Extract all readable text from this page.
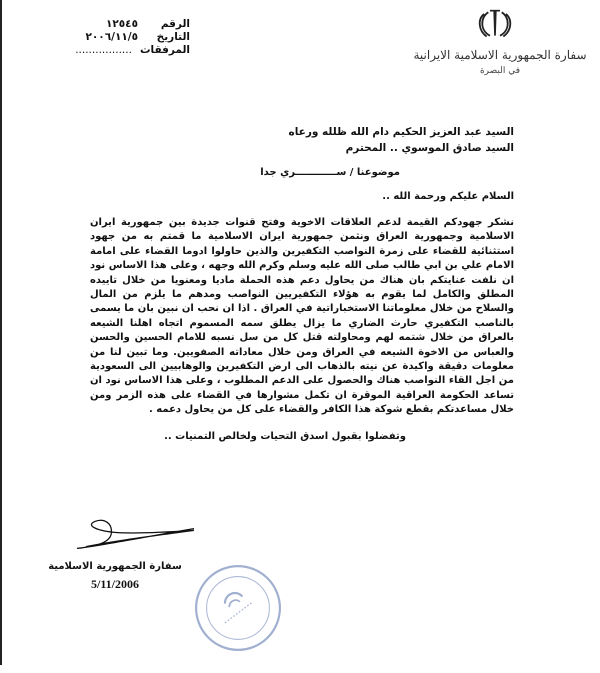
الرقم
١٢٥٤٥
التاريخ
٢٠٠٦/١١/٥
المرفقات
.................	سفارة الجمهورية الاسلامية الايرانية
في البصرة
السيد عبد العزيز الحكيم دام الله ظلله ورعاه
السيد صادق الموسوي .. المحترم
موضوعنا / ســــــــــــري جدا
السلام عليكم ورحمة الله ..
نشكر جهودكم القيمة لدعم العلاقات الاخوية وفتح قنوات جديدة بين جمهورية ايران الاسلامية وجمهورية العراق ونثمن جمهورية ايران الاسلامية ما قمتم به من جهود استثنائية للقضاء على زمرة النواصب التكفيرين والذين حاولوا ادوما القضاء على امامة الامام علي بن ابي طالب صلى الله عليه وسلم وكرم الله وجهه ، وعلى هذا الاساس نود ان نلفت عنايتكم بان هناك من يحاول دعم هذه الحملة ماديا ومعنويا من خلال تاييده المطلق والكامل لما يقوم به هؤلاء التكفيريين النواصب ومدهم ما يلزم من المال والسلاح من خلال معلوماتنا الاستخباراتية في العراق . اذا ان نحب ان نبين بان ما يسمى بالناصب التكفيري حارث الضاري ما يزال يطلق سمه المسموم اتجاه اهلنا الشيعه بالعراق من خلال شتمه لهم ومحاولته قتل كل من سل نسبه للامام الحسين والحسن والعباس من الاخوة الشيعه في العراق ومن خلال معاداته الصفويين. وما تبين لنا من معلومات دقيقة واكيدة عن نيته بالذهاب الى ارض التكفيرين والوهابيين الى السعودية من اجل القاء النواصب هناك والحصول على الدعم المطلوب ، وعلى هذا الاساس نود ان تساعد الحكومة العراقية الموقرة ان تكمل مشوارها في القضاء على هذه الزمر ومن خلال مساعدتكم بقطع شوكة هذا الكافر والقضاء على كل من يحاول دعمه .
وتفضلوا بقبول اسدق التحيات ولخالص التمنيات ..
سفارة الجمهورية الاسلامية
5/11/2006
